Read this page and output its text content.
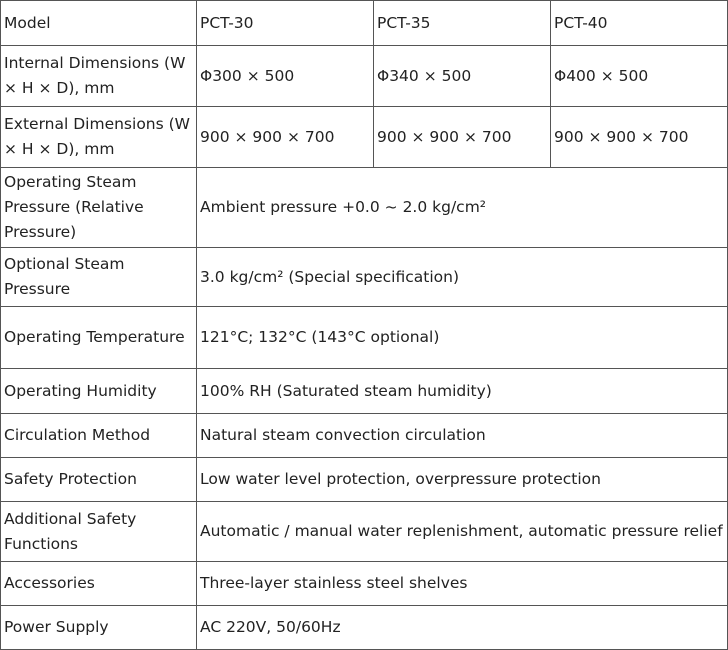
Model	PCT-30	PCT-35	PCT-40
Internal Dimensions (W × H × D), mm	Φ300 × 500	Φ340 × 500	Φ400 × 500
External Dimensions (W × H × D), mm	900 × 900 × 700	900 × 900 × 700	900 × 900 × 700
Operating Steam Pressure (Relative Pressure)	Ambient pressure +0.0 ~ 2.0 kg/cm²		
Optional Steam Pressure	3.0 kg/cm² (Special specification)		
Operating Temperature	121°C; 132°C (143°C optional)		
Operating Humidity	100% RH (Saturated steam humidity)		
Circulation Method	Natural steam convection circulation		
Safety Protection	Low water level protection, overpressure protection		
Additional Safety Functions	Automatic / manual water replenishment, automatic pressure relief		
Accessories	Three-layer stainless steel shelves		
Power Supply	AC 220V, 50/60Hz		
